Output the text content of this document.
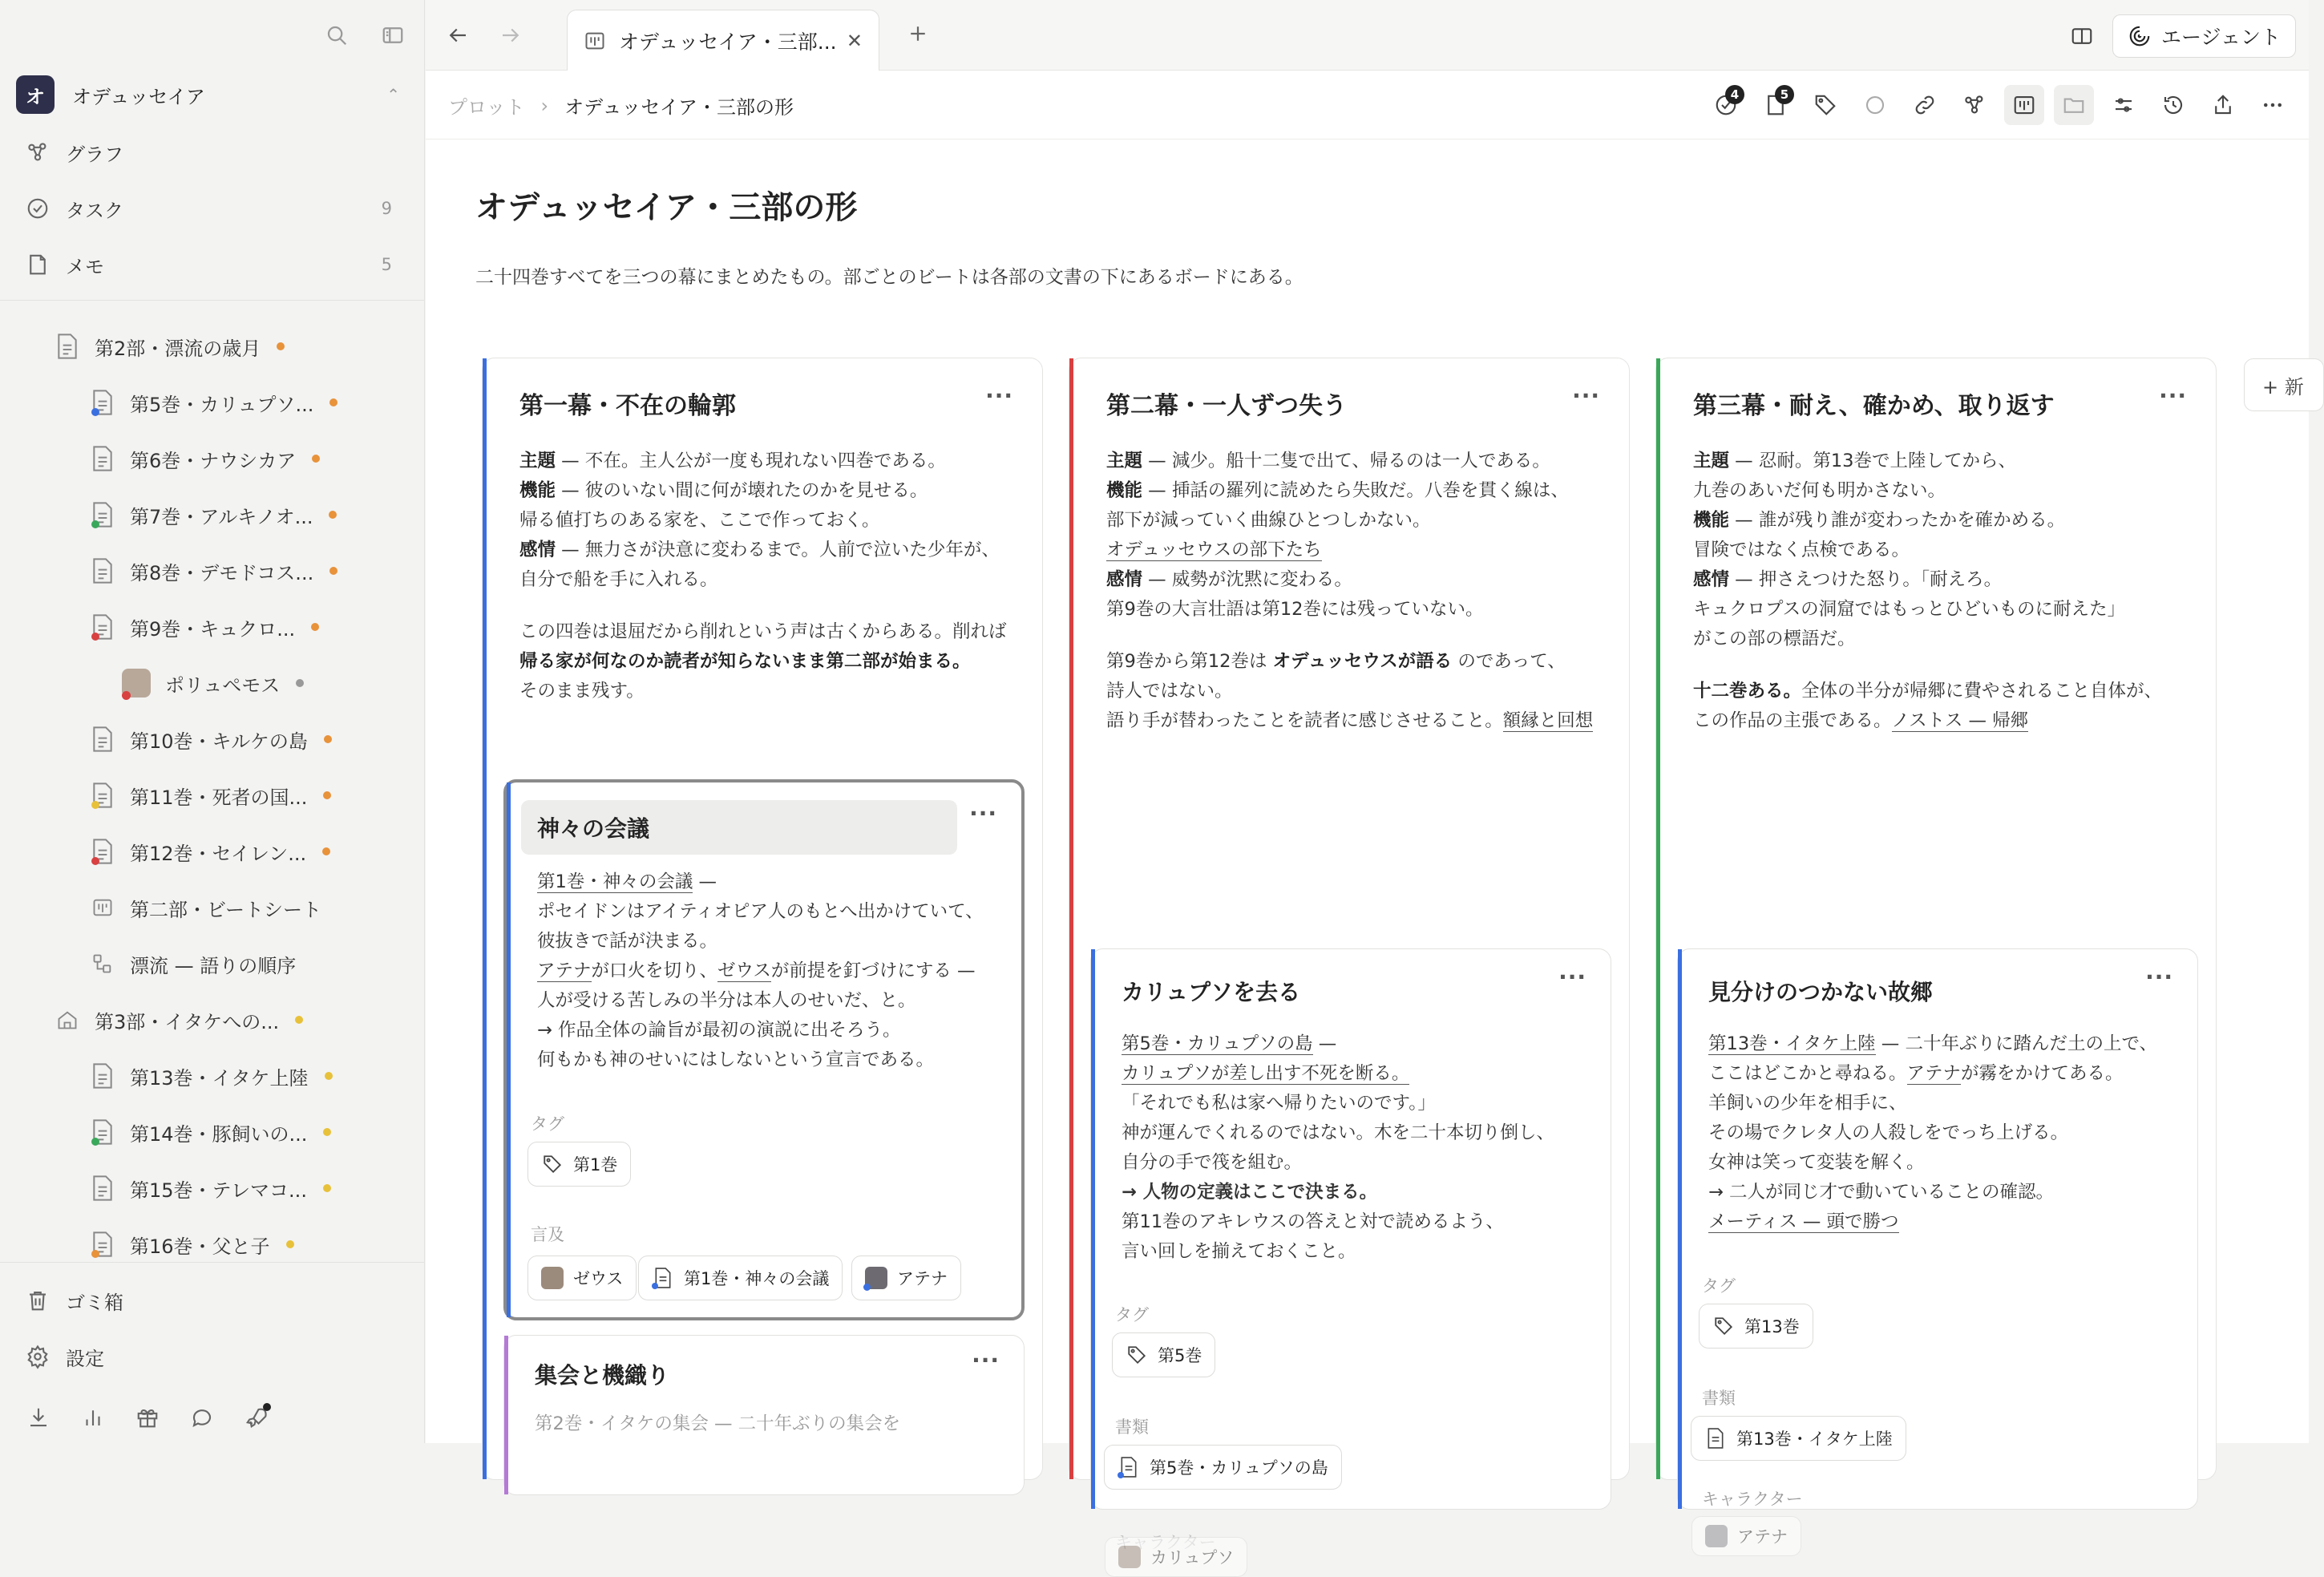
オ	オデュッセイア	⌃

グラフ
タスク	9
メモ	5
第2部・漂流の歳月
第5巻・カリュプソ...
第6巻・ナウシカア
第7巻・アルキノオ...
第8巻・デモドコス...
第9巻・キュクロ...
ポリュペモス
第10巻・キルケの島
第11巻・死者の国...
第12巻・セイレン...
第二部・ビートシート
漂流 — 語りの順序
第3部・イタケへの...
第13巻・イタケ上陸
第14巻・豚飼いの...
第15巻・テレマコ...
第16巻・父と子
ゴミ箱
設定
オデュッセイア・三部... ✕	エージェント
プロット › オデュッセイア・三部の形
4	5
オデュッセイア・三部の形
二十四巻すべてを三つの幕にまとめたもの。部ごとのビートは各部の文書の下にあるボードにある。
第一幕・不在の輪郭	···

主題 — 不在。主人公が一度も現れない四巻である。

機能 — 彼のいない間に何が壊れたのかを見せる。

帰る値打ちのある家を、ここで作っておく。

感情 — 無力さが決意に変わるまで。人前で泣いた少年が、

自分で船を手に入れる。

この四巻は退屈だから削れという声は古くからある。削れば

帰る家が何なのか読者が知らないまま第二部が始まる。

そのまま残す。

神々の会議
···

第1巻・神々の会議 —

ポセイドンはアイティオピア人のもとへ出かけていて、

彼抜きで話が決まる。

アテナが口火を切り、ゼウスが前提を釘づけにする —

人が受ける苦しみの半分は本人のせいだ、と。

→ 作品全体の論旨が最初の演説に出そろう。

何もかも神のせいにはしないという宣言である。

タグ
第1巻
言及
ゼウス	第1巻・神々の会議	アテナ
集会と機織り
···
第2巻・イタケの集会 — 二十年ぶりの集会を
第二幕・一人ずつ失う	···

主題 — 減少。船十二隻で出て、帰るのは一人である。

機能 — 挿話の羅列に読めたら失敗だ。八巻を貫く線は、

部下が減っていく曲線ひとつしかない。

オデュッセウスの部下たち

感情 — 威勢が沈黙に変わる。

第9巻の大言壮語は第12巻には残っていない。

第9巻から第12巻は オデュッセウスが語る のであって、

詩人ではない。

語り手が替わったことを読者に感じさせること。額縁と回想

カリュプソを去る
···

第5巻・カリュプソの島 —

カリュプソが差し出す不死を断る。

「それでも私は家へ帰りたいのです。」

神が運んでくれるのではない。木を二十本切り倒し、

自分の手で筏を組む。

→ 人物の定義はここで決まる。

第11巻のアキレウスの答えと対で読めるよう、

言い回しを揃えておくこと。

タグ
第5巻
書類
第5巻・カリュプソの島
カリュプソ
第三幕・耐え、確かめ、取り返す	···

主題 — 忍耐。第13巻で上陸してから、

九巻のあいだ何も明かさない。

機能 — 誰が残り誰が変わったかを確かめる。

冒険ではなく点検である。

感情 — 押さえつけた怒り。「耐えろ。

キュクロプスの洞窟ではもっとひどいものに耐えた」

がこの部の標語だ。

十二巻ある。全体の半分が帰郷に費やされること自体が、

この作品の主張である。ノストス — 帰郷

見分けのつかない故郷
···

第13巻・イタケ上陸 — 二十年ぶりに踏んだ土の上で、

ここはどこかと尋ねる。アテナが霧をかけてある。

羊飼いの少年を相手に、

その場でクレタ人の人殺しをでっち上げる。

女神は笑って変装を解く。

→ 二人が同じ才で動いていることの確認。

メーティス — 頭で勝つ

タグ
第13巻
書類
第13巻・イタケ上陸
キャラクター
アテナ
+ 新
